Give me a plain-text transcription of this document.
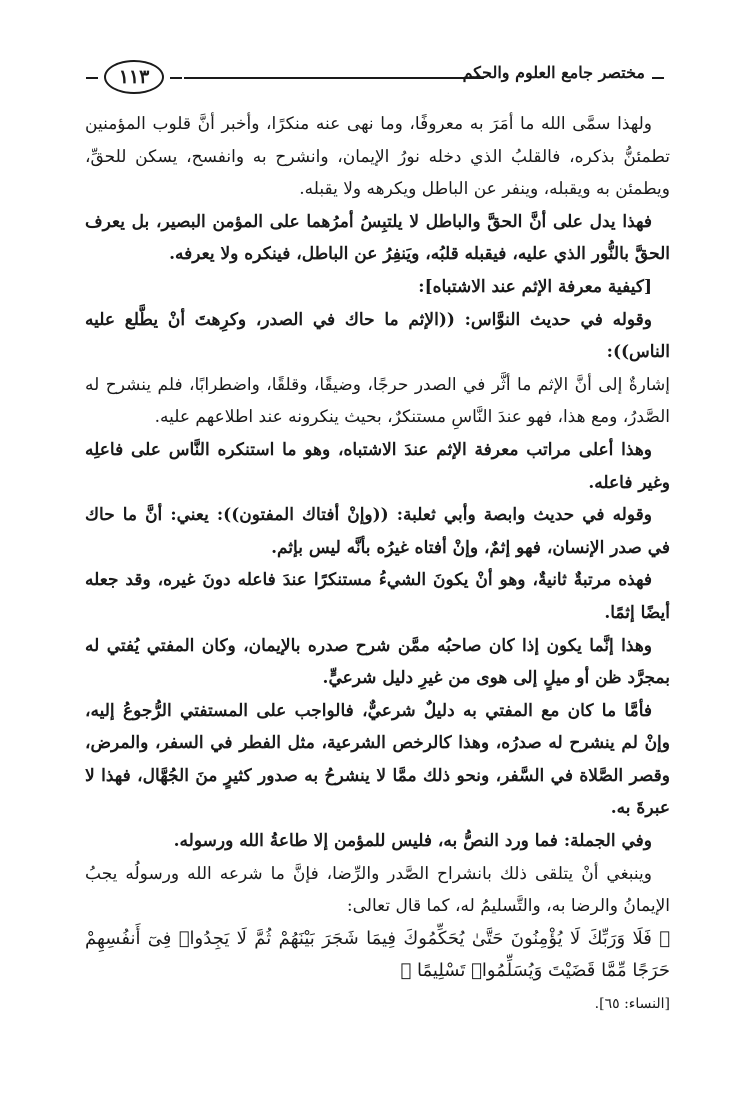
١١٣	مختصر جامع العلوم والحكم

ولهذا سمَّى الله ما أمَرَ به معروفًا، وما نهى عنه منكرًا، وأخبر أنَّ قلوب المؤمنين تطمئنُّ بذكره، فالقلبُ الذي دخله نورُ الإيمان، وانشرح به وانفسح، يسكن للحقِّ، ويطمئن به ويقبله، وينفر عن الباطل ويكرهه ولا يقبله.

فهذا يدل على أنَّ الحقَّ والباطل لا يلتبِسُ أمرُهما على المؤمن البصير، بل يعرف الحقَّ بالنُّور الذي عليه، فيقبله قلبُه، ويَنفِرُ عن الباطل، فينكره ولا يعرفه.

[كيفية معرفة الإثم عند الاشتباه]:

وقوله في حديث النوَّاس: ((الإثم ما حاك في الصدر، وكرِهتَ أنْ يطَّلع عليه الناس)):

إشارةٌ إلى أنَّ الإثم ما أثَّر في الصدر حرجًا، وضيقًا، وقلقًا، واضطرابًا، فلم ينشرح له الصَّدرُ، ومع هذا، فهو عندَ النَّاسِ مستنكرٌ، بحيث ينكرونه عند اطلاعهم عليه.

وهذا أعلى مراتب معرفة الإثم عندَ الاشتباه، وهو ما استنكره النَّاس على فاعلِه وغير فاعله.

وقوله في حديث وابصة وأبي ثعلبة: ((وإنْ أفتاك المفتون)): يعني: أنَّ ما حاك في صدر الإنسان، فهو إثمٌ، وإنْ أفتاه غيرُه بأنَّه ليس بإثم.

فهذه مرتبةٌ ثانيةٌ، وهو أنْ يكونَ الشيءُ مستنكرًا عندَ فاعله دونَ غيره، وقد جعله أيضًا إثمًا.

وهذا إنَّما يكون إذا كان صاحبُه ممَّن شرح صدره بالإيمان، وكان المفتي يُفتي له بمجرَّد ظن أو ميلٍ إلى هوى من غيرِ دليل شرعيٍّ.

فأمَّا ما كان مع المفتي به دليلٌ شرعيٌّ، فالواجب على المستفتي الرُّجوعُ إليه، وإنْ لم ينشرح له صدرُه، وهذا كالرخص الشرعية، مثل الفطر في السفر، والمرض، وقصر الصَّلاة في السَّفر، ونحو ذلك ممَّا لا ينشرحُ به صدور كثيرٍ منَ الجُهَّال، فهذا لا عبرةَ به.

وفي الجملة: فما ورد النصُّ به، فليس للمؤمن إلا طاعةُ الله ورسوله.

وينبغي أنْ يتلقى ذلك بانشراح الصَّدر والرِّضا، فإنَّ ما شرعه الله ورسولُه يجبُ الإيمانُ والرضا به، والتَّسليمُ له، كما قال تعالى:

﴿ فَلَا وَرَبِّكَ لَا يُؤْمِنُونَ حَتَّىٰ يُحَكِّمُوكَ فِيمَا شَجَرَ بَيْنَهُمْ ثُمَّ لَا يَجِدُوا۟ فِىٓ أَنفُسِهِمْ حَرَجًا مِّمَّا قَضَيْتَ وَيُسَلِّمُوا۟ تَسْلِيمًا ﴾

[النساء: ٦٥].
